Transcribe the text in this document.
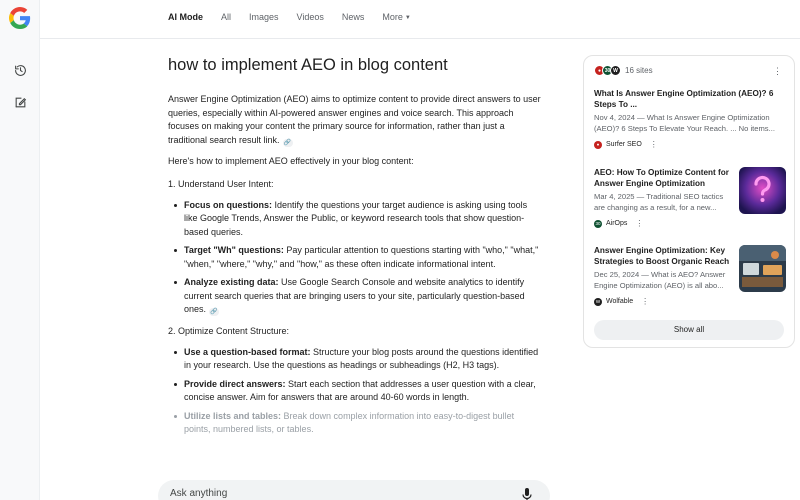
AI Mode All Images Videos News More ▼
how to implement AEO in blog content

Answer Engine Optimization (AEO) aims to optimize content to provide direct answers to user queries, especially within AI-powered answer engines and voice search. This approach focuses on making your content the primary source for information, rather than just a traditional search result link. 🔗

Here's how to implement AEO effectively in your blog content:

1. Understand User Intent:
Focus on questions: Identify the questions your target audience is asking using tools like Google Trends, Answer the Public, or keyword research tools that show question-based queries.
Target "Wh" questions: Pay particular attention to questions starting with "who," "what," "when," "where," "why," and "how," as these often indicate informational intent.
Analyze existing data: Use Google Search Console and website analytics to identify current search queries that are bringing users to your site, particularly question-based ones. 🔗
2. Optimize Content Structure:
Use a question-based format: Structure your blog posts around the questions identified in your research. Use the questions as headings or subheadings (H2, H3 tags).
Provide direct answers: Start each section that addresses a user question with a clear, concise answer. Aim for answers that are around 40-60 words in length.
Utilize lists and tables: Break down complex information into easy-to-digest bullet points, numbered lists, or tables.
Ask anything
● 30 W 16 sites	⋮
What Is Answer Engine Optimization (AEO)? 6 Steps To ...
Nov 4, 2024 — What Is Answer Engine Optimization (AEO)? 6 Steps To Elevate Your Reach. ... No items...
● Surfer SEO ⋮
AEO: How To Optimize Content for Answer Engine Optimization
Mar 4, 2025 — Traditional SEO tactics are changing as a result, for a new...
30 AirOps ⋮
Answer Engine Optimization: Key Strategies to Boost Organic Reach
Dec 25, 2024 — What is AEO? Answer Engine Optimization (AEO) is all abo...
W Wolfable ⋮
Show all
